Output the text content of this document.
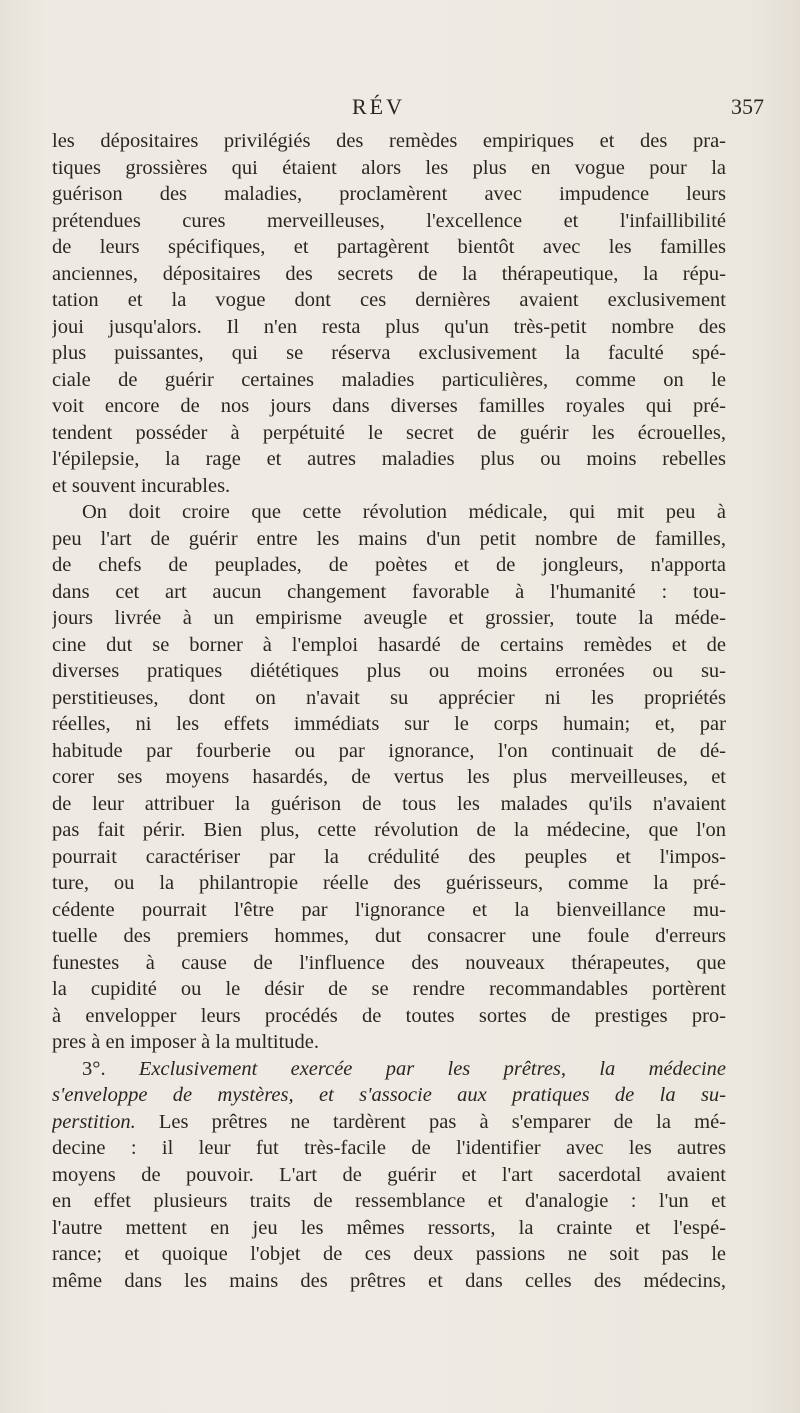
RÉV	357
les dépositaires privilégiés des remèdes empiriques et des pra-
tiques grossières qui étaient alors les plus en vogue pour la
guérison des maladies, proclamèrent avec impudence leurs
prétendues cures merveilleuses, l'excellence et l'infaillibilité
de leurs spécifiques, et partagèrent bientôt avec les familles
anciennes, dépositaires des secrets de la thérapeutique, la répu-
tation et la vogue dont ces dernières avaient exclusivement
joui jusqu'alors. Il n'en resta plus qu'un très-petit nombre des
plus puissantes, qui se réserva exclusivement la faculté spé-
ciale de guérir certaines maladies particulières, comme on le
voit encore de nos jours dans diverses familles royales qui pré-
tendent posséder à perpétuité le secret de guérir les écrouelles,
l'épilepsie, la rage et autres maladies plus ou moins rebelles
et souvent incurables.
On doit croire que cette révolution médicale, qui mit peu à
peu l'art de guérir entre les mains d'un petit nombre de familles,
de chefs de peuplades, de poètes et de jongleurs, n'apporta
dans cet art aucun changement favorable à l'humanité : tou-
jours livrée à un empirisme aveugle et grossier, toute la méde-
cine dut se borner à l'emploi hasardé de certains remèdes et de
diverses pratiques diététiques plus ou moins erronées ou su-
perstitieuses, dont on n'avait su apprécier ni les propriétés
réelles, ni les effets immédiats sur le corps humain; et, par
habitude par fourberie ou par ignorance, l'on continuait de dé-
corer ses moyens hasardés, de vertus les plus merveilleuses, et
de leur attribuer la guérison de tous les malades qu'ils n'avaient
pas fait périr. Bien plus, cette révolution de la médecine, que l'on
pourrait caractériser par la crédulité des peuples et l'impos-
ture, ou la philantropie réelle des guérisseurs, comme la pré-
cédente pourrait l'être par l'ignorance et la bienveillance mu-
tuelle des premiers hommes, dut consacrer une foule d'erreurs
funestes à cause de l'influence des nouveaux thérapeutes, que
la cupidité ou le désir de se rendre recommandables portèrent
à envelopper leurs procédés de toutes sortes de prestiges pro-
pres à en imposer à la multitude.
3°. Exclusivement exercée par les prêtres, la médecine
s'enveloppe de mystères, et s'associe aux pratiques de la su-
perstition. Les prêtres ne tardèrent pas à s'emparer de la mé-
decine : il leur fut très-facile de l'identifier avec les autres
moyens de pouvoir. L'art de guérir et l'art sacerdotal avaient
en effet plusieurs traits de ressemblance et d'analogie : l'un et
l'autre mettent en jeu les mêmes ressorts, la crainte et l'espé-
rance; et quoique l'objet de ces deux passions ne soit pas le
même dans les mains des prêtres et dans celles des médecins,
